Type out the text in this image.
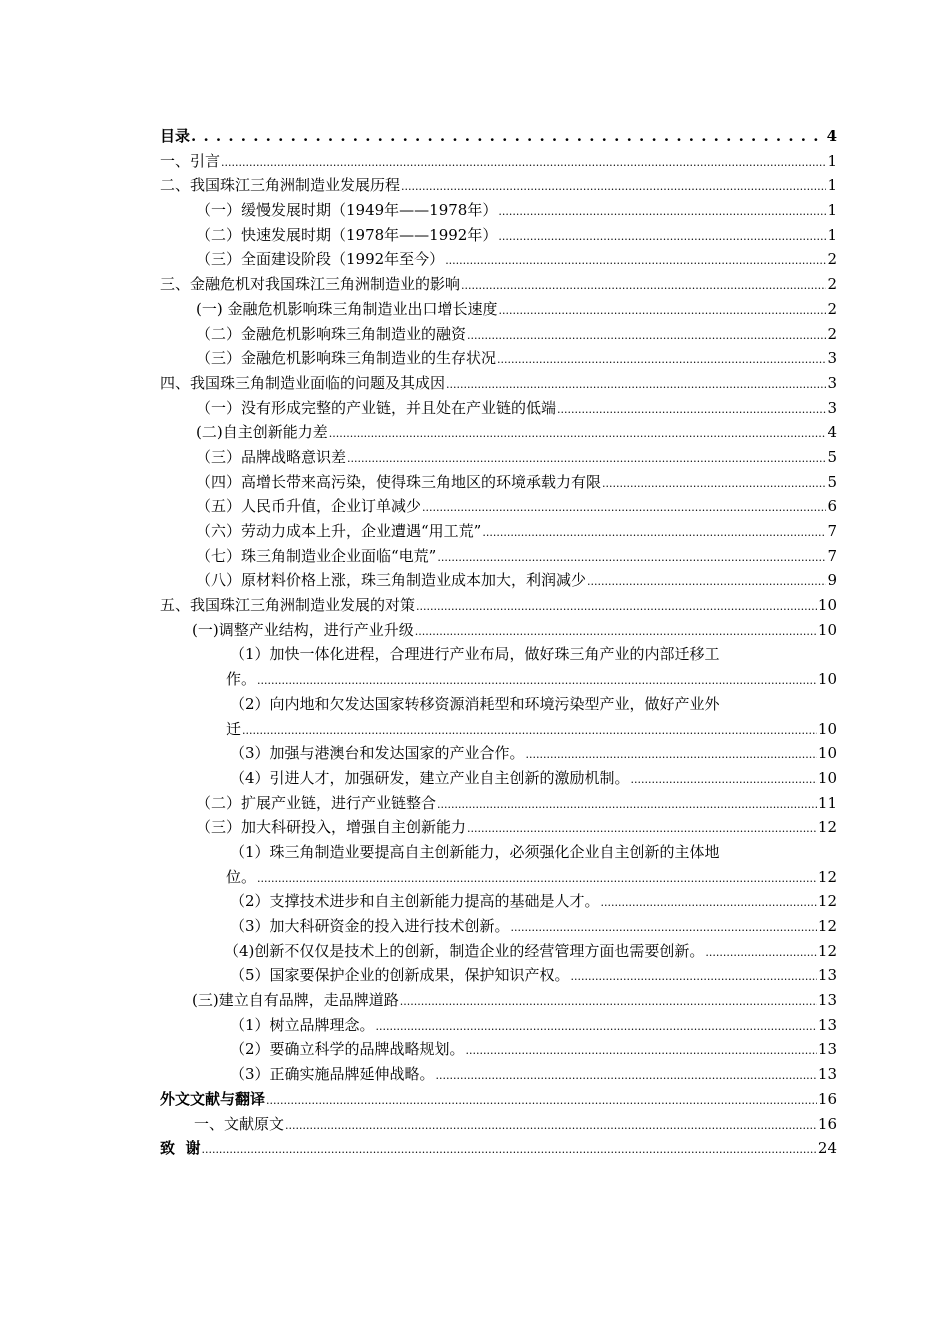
目录 . . .	4
一、引言 .....	1
二、我国珠江三角洲制造业发展历程 .....	1
（一）缓慢发展时期（1949年——1978年） .....	1
（二）快速发展时期（1978年——1992年） .....	1
（三）全面建设阶段（1992年至今） .....	2
三、金融危机对我国珠江三角洲制造业的影响 .....	2
(一) 金融危机影响珠三角制造业出口增长速度 .....	2
（二）金融危机影响珠三角制造业的融资 .....	2
（三）金融危机影响珠三角制造业的生存状况 .....	3
四、我国珠三角制造业面临的问题及其成因 .....	3
（一）没有形成完整的产业链，并且处在产业链的低端 .....	3
(二)自主创新能力差 .....	4
（三）品牌战略意识差 .....	5
（四）高增长带来高污染，使得珠三角地区的环境承载力有限 .....	5
（五）人民币升值，企业订单减少 .....	6
（六）劳动力成本上升，企业遭遇“用工荒” .....	7
（七）珠三角制造业企业面临“电荒” .....	7
（八）原材料价格上涨，珠三角制造业成本加大，利润减少 .....	9
五、我国珠江三角洲制造业发展的对策 .....	10
(一)调整产业结构，进行产业升级 .....	10
（1）加快一体化进程，合理进行产业布局，做好珠三角产业的内部迁移工
作。 .....	10
（2）向内地和欠发达国家转移资源消耗型和环境污染型产业，做好产业外
迁 .....	10
（3）加强与港澳台和发达国家的产业合作。 .....	10
（4）引进人才，加强研发，建立产业自主创新的激励机制。 .....	10
（二）扩展产业链，进行产业链整合 .....	11
（三）加大科研投入，增强自主创新能力 .....	12
（1）珠三角制造业要提高自主创新能力，必须强化企业自主创新的主体地
位。 .....	12
（2）支撑技术进步和自主创新能力提高的基础是人才。 .....	12
（3）加大科研资金的投入进行技术创新。 .....	12
（4)创新不仅仅是技术上的创新，制造企业的经营管理方面也需要创新。 .....	12
（5）国家要保护企业的创新成果，保护知识产权。 .....	13
(三)建立自有品牌，走品牌道路 .....	13
（1）树立品牌理念。 .....	13
（2）要确立科学的品牌战略规划。 .....	13
（3）正确实施品牌延伸战略。 .....	13
外文文献与翻译 .....	16
一、文献原文 .....	16
致  谢 .....	24
